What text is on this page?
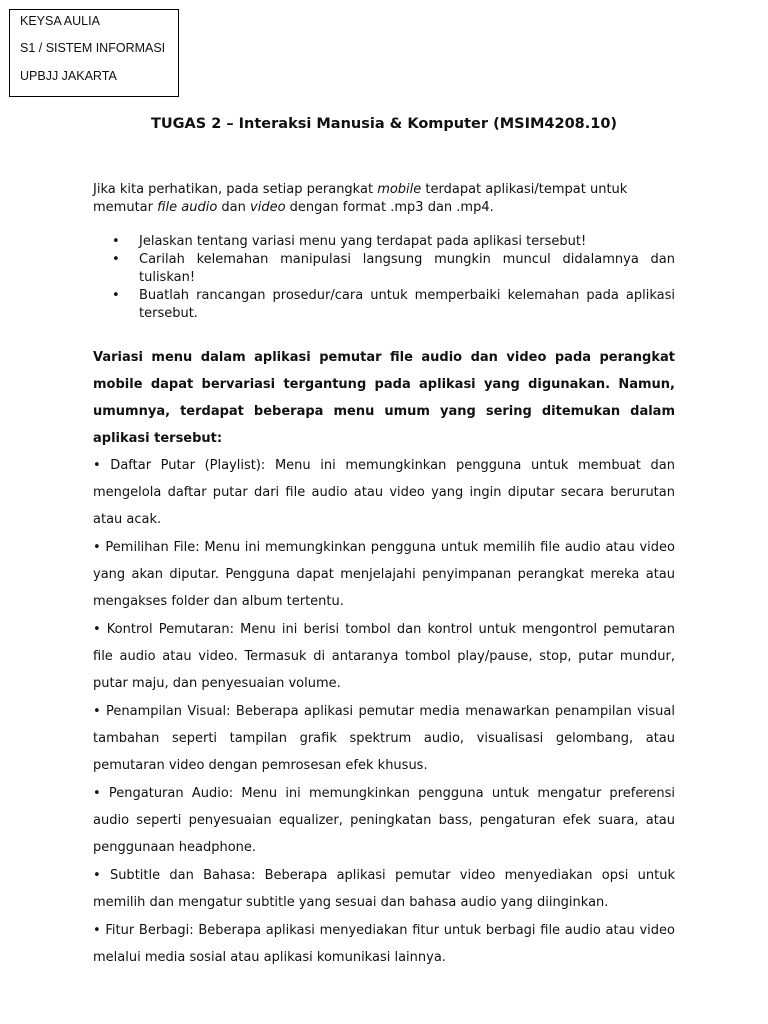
KEYSA AULIA
S1 / SISTEM INFORMASI
UPBJJ JAKARTA
TUGAS 2 – Interaksi Manusia & Komputer (MSIM4208.10)
Jika kita perhatikan, pada setiap perangkat mobile terdapat aplikasi/tempat untuk
memutar file audio dan video dengan format .mp3 dan .mp4.
• Jelaskan tentang variasi menu yang terdapat pada aplikasi tersebut!
• Carilah kelemahan manipulasi langsung mungkin muncul didalamnya dan tuliskan!
• Buatlah rancangan prosedur/cara untuk memperbaiki kelemahan pada aplikasi tersebut.

Variasi menu dalam aplikasi pemutar file audio dan video pada perangkat mobile dapat bervariasi tergantung pada aplikasi yang digunakan. Namun, umumnya, terdapat beberapa menu umum yang sering ditemukan dalam aplikasi tersebut:

• Daftar Putar (Playlist): Menu ini memungkinkan pengguna untuk membuat dan mengelola daftar putar dari file audio atau video yang ingin diputar secara berurutan atau acak.

• Pemilihan File: Menu ini memungkinkan pengguna untuk memilih file audio atau video yang akan diputar. Pengguna dapat menjelajahi penyimpanan perangkat mereka atau mengakses folder dan album tertentu.

• Kontrol Pemutaran: Menu ini berisi tombol dan kontrol untuk mengontrol pemutaran file audio atau video. Termasuk di antaranya tombol play/pause, stop, putar mundur, putar maju, dan penyesuaian volume.

• Penampilan Visual: Beberapa aplikasi pemutar media menawarkan penampilan visual tambahan seperti tampilan grafik spektrum audio, visualisasi gelombang, atau pemutaran video dengan pemrosesan efek khusus.

• Pengaturan Audio: Menu ini memungkinkan pengguna untuk mengatur preferensi audio seperti penyesuaian equalizer, peningkatan bass, pengaturan efek suara, atau penggunaan headphone.

• Subtitle dan Bahasa: Beberapa aplikasi pemutar video menyediakan opsi untuk memilih dan mengatur subtitle yang sesuai dan bahasa audio yang diinginkan.

• Fitur Berbagi: Beberapa aplikasi menyediakan fitur untuk berbagi file audio atau video melalui media sosial atau aplikasi komunikasi lainnya.
